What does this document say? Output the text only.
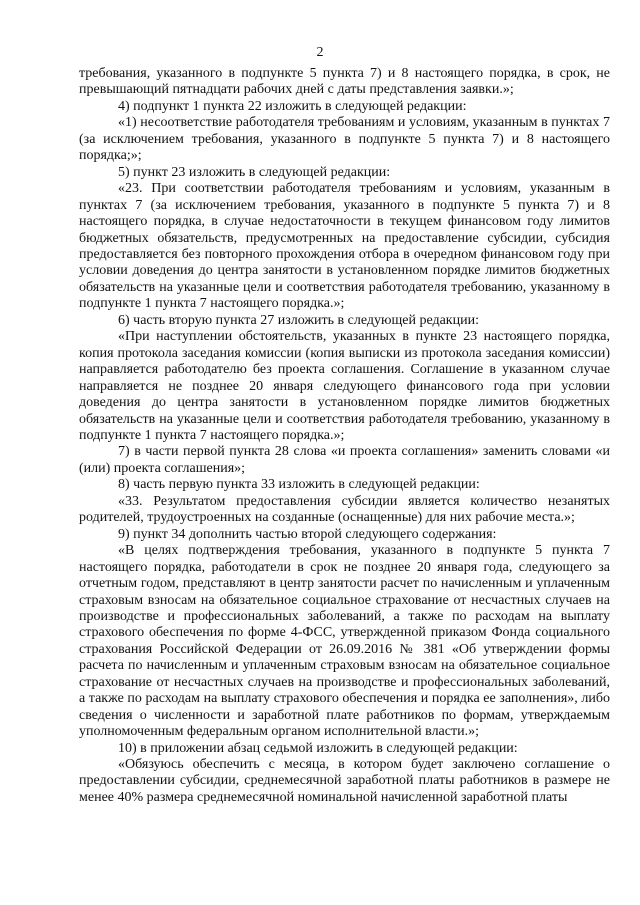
2

требования, указанного в подпункте 5 пункта 7) и 8 настоящего порядка, в срок, не превышающий пятнадцати рабочих дней с даты представления заявки.»;

4) подпункт 1 пункта 22 изложить в следующей редакции:

«1) несоответствие работодателя требованиям и условиям, указанным в пунктах 7 (за исключением требования, указанного в подпункте 5 пункта 7) и 8 настоящего порядка;»;

5) пункт 23 изложить в следующей редакции:

«23. При соответствии работодателя требованиям и условиям, указанным в пунктах 7 (за исключением требования, указанного в подпункте 5 пункта 7) и 8 настоящего порядка, в случае недостаточности в текущем финансовом году лимитов бюджетных обязательств, предусмотренных на предоставление субсидии, субсидия предоставляется без повторного прохождения отбора в очередном финансовом году при условии доведения до центра занятости в установленном порядке лимитов бюджетных обязательств на указанные цели и соответствия работодателя требованию, указанному в подпункте 1 пункта 7 настоящего порядка.»;

6) часть вторую пункта 27 изложить в следующей редакции:

«При наступлении обстоятельств, указанных в пункте 23 настоящего порядка, копия протокола заседания комиссии (копия выписки из протокола заседания комиссии) направляется работодателю без проекта соглашения. Соглашение в указанном случае направляется не позднее 20 января следующего финансового года при условии доведения до центра занятости в установленном порядке лимитов бюджетных обязательств на указанные цели и соответствия работодателя требованию, указанному в подпункте 1 пункта 7 настоящего порядка.»;

7) в части первой пункта 28 слова «и проекта соглашения» заменить словами «и (или) проекта соглашения»;

8) часть первую пункта 33 изложить в следующей редакции:

«33. Результатом предоставления субсидии является количество незанятых родителей, трудоустроенных на созданные (оснащенные) для них рабочие места.»;

9) пункт 34 дополнить частью второй следующего содержания:

«В целях подтверждения требования, указанного в подпункте 5 пункта 7 настоящего порядка, работодатели в срок не позднее 20 января года, следующего за отчетным годом, представляют в центр занятости расчет по начисленным и уплаченным страховым взносам на обязательное социальное страхование от несчастных случаев на производстве и профессиональных заболеваний, а также по расходам на выплату страхового обеспечения по форме 4-ФСС, утвержденной приказом Фонда социального страхования Российской Федерации от 26.09.2016 № 381 «Об утверждении формы расчета по начисленным и уплаченным страховым взносам на обязательное социальное страхование от несчастных случаев на производстве и профессиональных заболеваний, а также по расходам на выплату страхового обеспечения и порядка ее заполнения», либо сведения о численности и заработной плате работников по формам, утверждаемым уполномоченным федеральным органом исполнительной власти.»;

10) в приложении абзац седьмой изложить в следующей редакции:

«Обязуюсь обеспечить с месяца, в котором будет заключено соглашение о предоставлении субсидии, среднемесячной заработной платы работников в размере не менее 40% размера среднемесячной номинальной начисленной заработной платы
